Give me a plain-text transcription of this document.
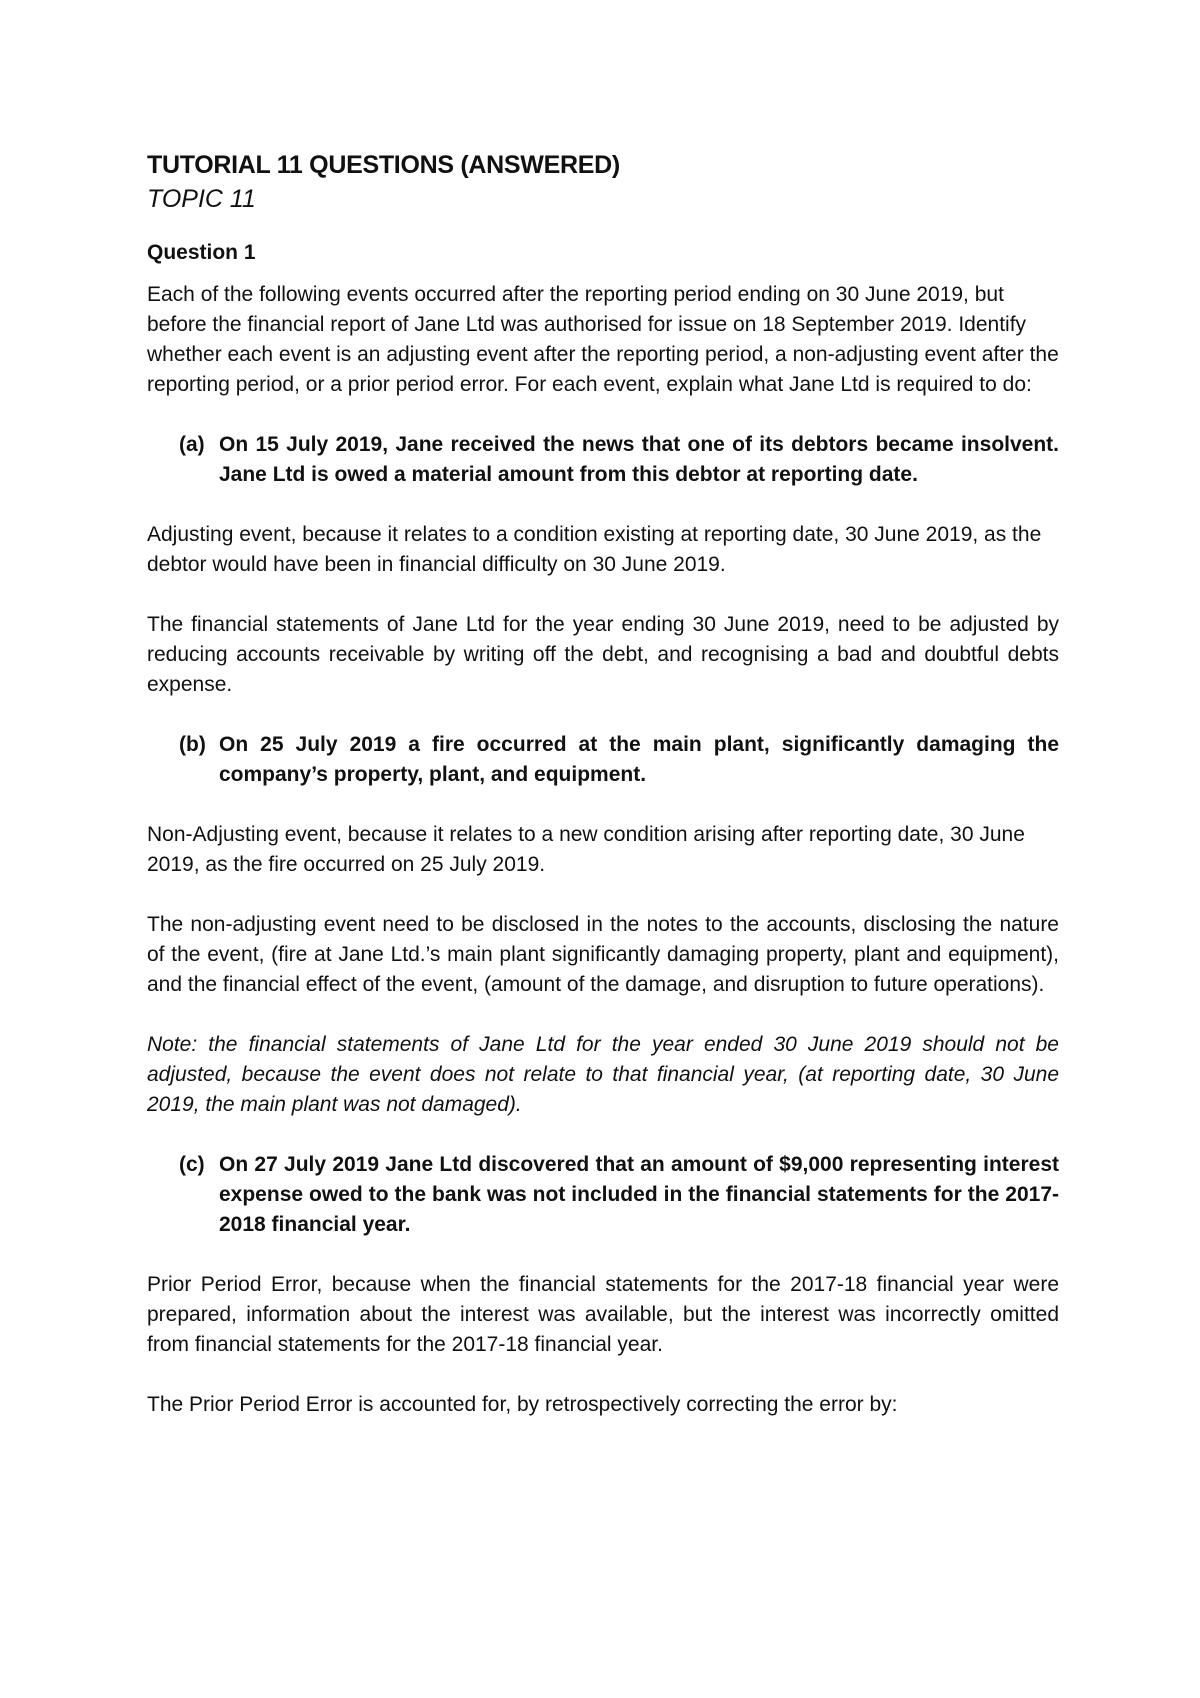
TUTORIAL 11 QUESTIONS (ANSWERED)
TOPIC 11
Question 1

Each of the following events occurred after the reporting period ending on 30 June 2019, but before the financial report of Jane Ltd was authorised for issue on 18 September 2019. Identify whether each event is an adjusting event after the reporting period, a non-adjusting event after the reporting period, or a prior period error. For each event, explain what Jane Ltd is required to do:

(a) On 15 July 2019, Jane received the news that one of its debtors became insolvent. Jane Ltd is owed a material amount from this debtor at reporting date.

Adjusting event, because it relates to a condition existing at reporting date, 30 June 2019, as the debtor would have been in financial difficulty on 30 June 2019.

The financial statements of Jane Ltd for the year ending 30 June 2019, need to be adjusted by reducing accounts receivable by writing off the debt, and recognising a bad and doubtful debts expense.

(b) On 25 July 2019 a fire occurred at the main plant, significantly damaging the company’s property, plant, and equipment.

Non-Adjusting event, because it relates to a new condition arising after reporting date, 30 June 2019, as the fire occurred on 25 July 2019.

The non-adjusting event need to be disclosed in the notes to the accounts, disclosing the nature of the event, (fire at Jane Ltd.’s main plant significantly damaging property, plant and equipment), and the financial effect of the event, (amount of the damage, and disruption to future operations).

Note: the financial statements of Jane Ltd for the year ended 30 June 2019 should not be adjusted, because the event does not relate to that financial year, (at reporting date, 30 June 2019, the main plant was not damaged).

(c) On 27 July 2019 Jane Ltd discovered that an amount of $9,000 representing interest expense owed to the bank was not included in the financial statements for the 2017-2018 financial year.

Prior Period Error, because when the financial statements for the 2017-18 financial year were prepared, information about the interest was available, but the interest was incorrectly omitted from financial statements for the 2017-18 financial year.

The Prior Period Error is accounted for, by retrospectively correcting the error by:
